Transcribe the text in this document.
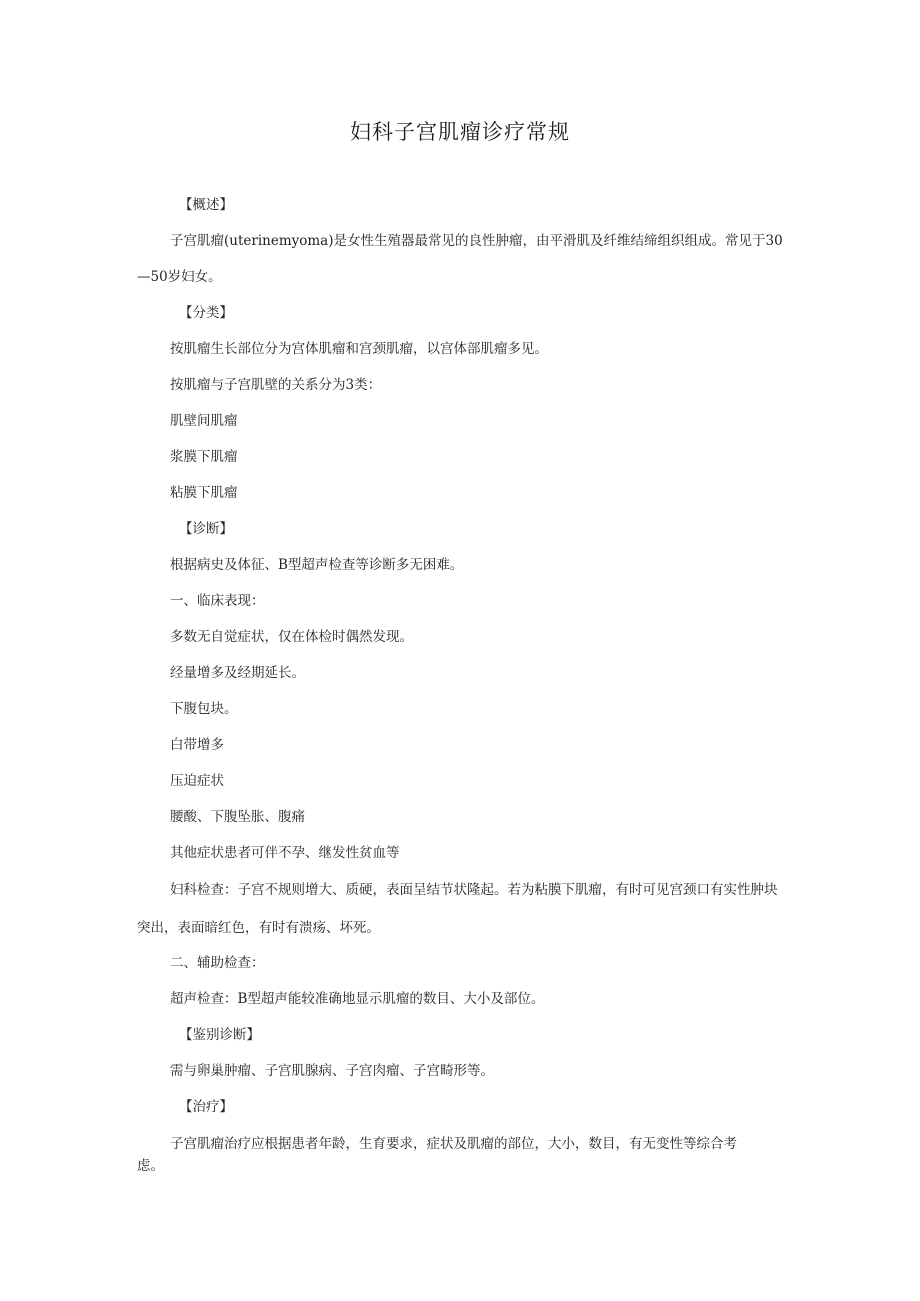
妇科子宫肌瘤诊疗常规

【概述】

子宫肌瘤(uterinemyoma)是女性生殖器最常见的良性肿瘤，由平滑肌及纤维结缔组织组成。常见于30—50岁妇女。

【分类】

按肌瘤生长部位分为宫体肌瘤和宫颈肌瘤，以宫体部肌瘤多见。

按肌瘤与子宫肌壁的关系分为3类：

肌壁间肌瘤

浆膜下肌瘤

粘膜下肌瘤

【诊断】

根据病史及体征、B型超声检查等诊断多无困难。

一、临床表现：

多数无自觉症状，仅在体检时偶然发现。

经量增多及经期延长。

下腹包块。

白带增多

压迫症状

腰酸、下腹坠胀、腹痛

其他症状患者可伴不孕、继发性贫血等

妇科检查：子宫不规则增大、质硬，表面呈结节状隆起。若为粘膜下肌瘤，有时可见宫颈口有实性肿块突出，表面暗红色，有时有溃疡、坏死。

二、辅助检查：

超声检查：B型超声能较准确地显示肌瘤的数目、大小及部位。

【鉴别诊断】

需与卵巢肿瘤、子宫肌腺病、子宫肉瘤、子宫畸形等。

【治疗】

子宫肌瘤治疗应根据患者年龄，生育要求，症状及肌瘤的部位，大小，数目，有无变性等综合考虑。
